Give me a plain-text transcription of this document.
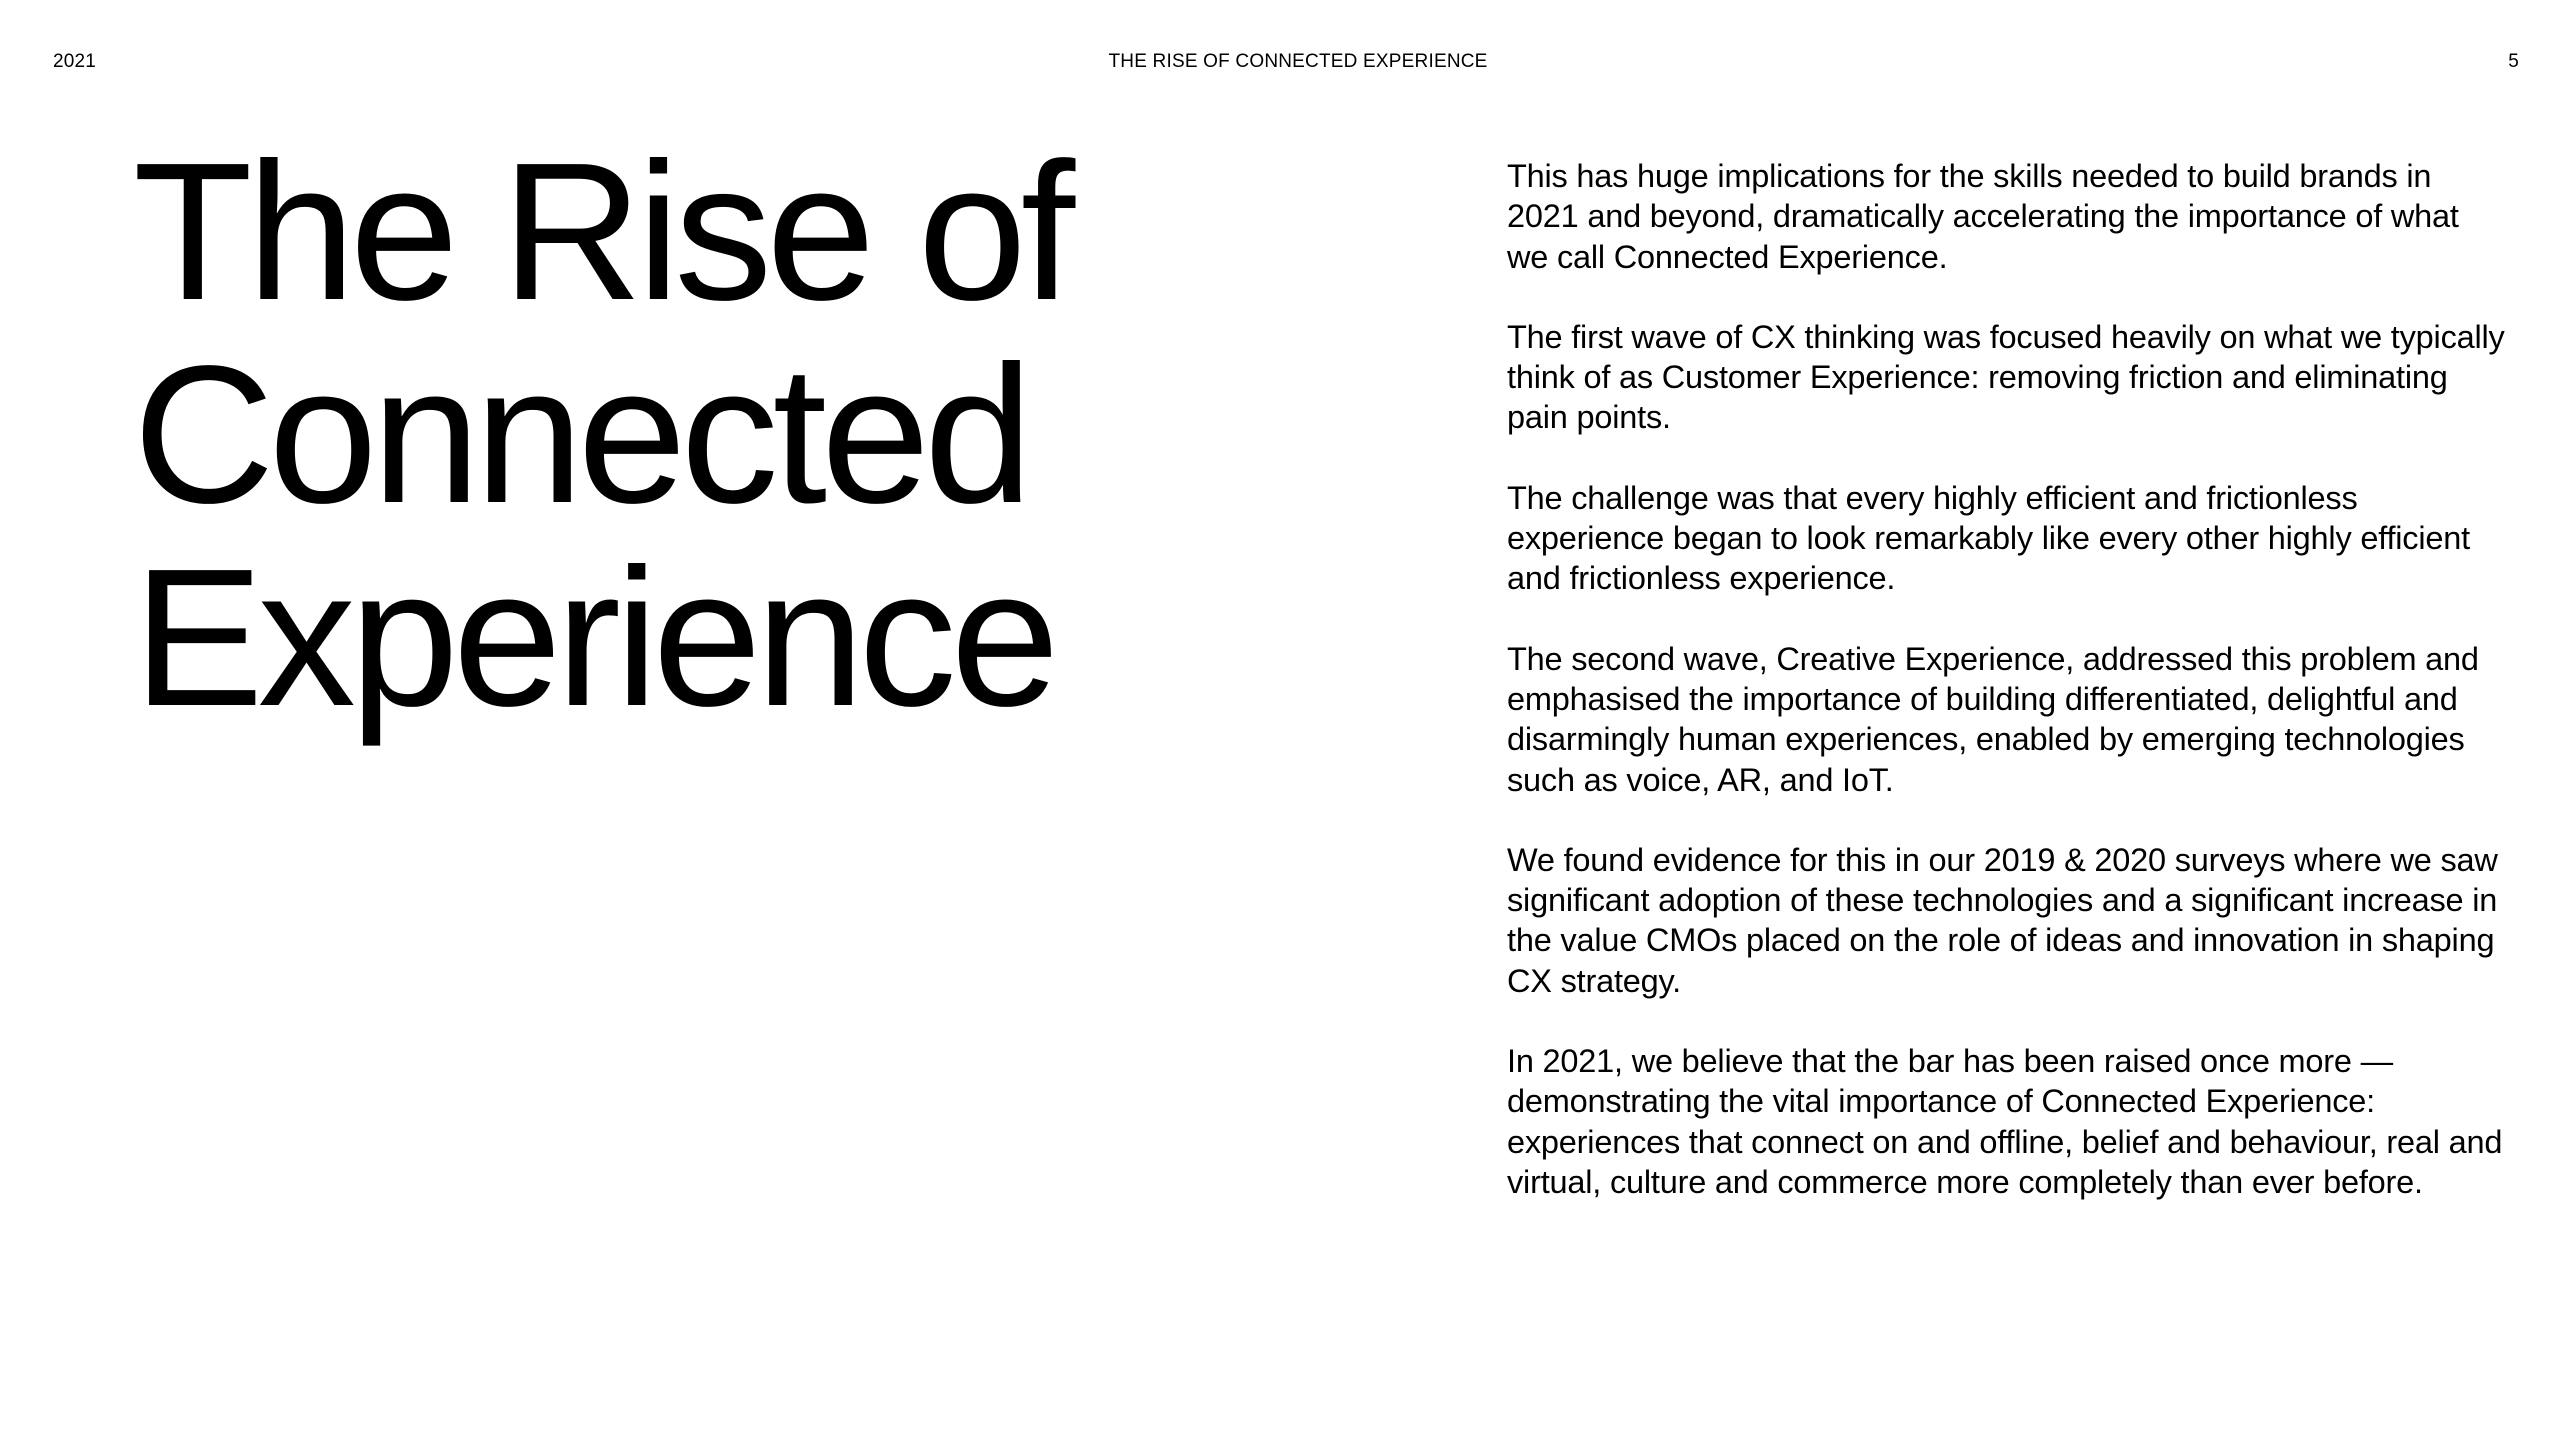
2021	THE RISE OF CONNECTED EXPERIENCE	5
The Rise of
Connected
Experience

This has huge implications for the skills needed to build brands in 2021 and beyond, dramatically accelerating the importance of what we call Connected Experience.

The first wave of CX thinking was focused heavily on what we typically think of as Customer Experience: removing friction and eliminating pain points.

The challenge was that every highly efficient and frictionless experience began to look remarkably like every other highly efficient and frictionless experience.

The second wave, Creative Experience, addressed this problem and emphasised the importance of building differentiated, delightful and disarmingly human experiences, enabled by emerging technologies such as voice, AR, and IoT.

We found evidence for this in our 2019 & 2020 surveys where we saw significant adoption of these technologies and a significant increase in the value CMOs placed on the role of ideas and innovation in shaping CX strategy.

In 2021, we believe that the bar has been raised once more — demonstrating the vital importance of Connected Experience: experiences that connect on and offline, belief and behaviour, real and virtual, culture and commerce more completely than ever before.
